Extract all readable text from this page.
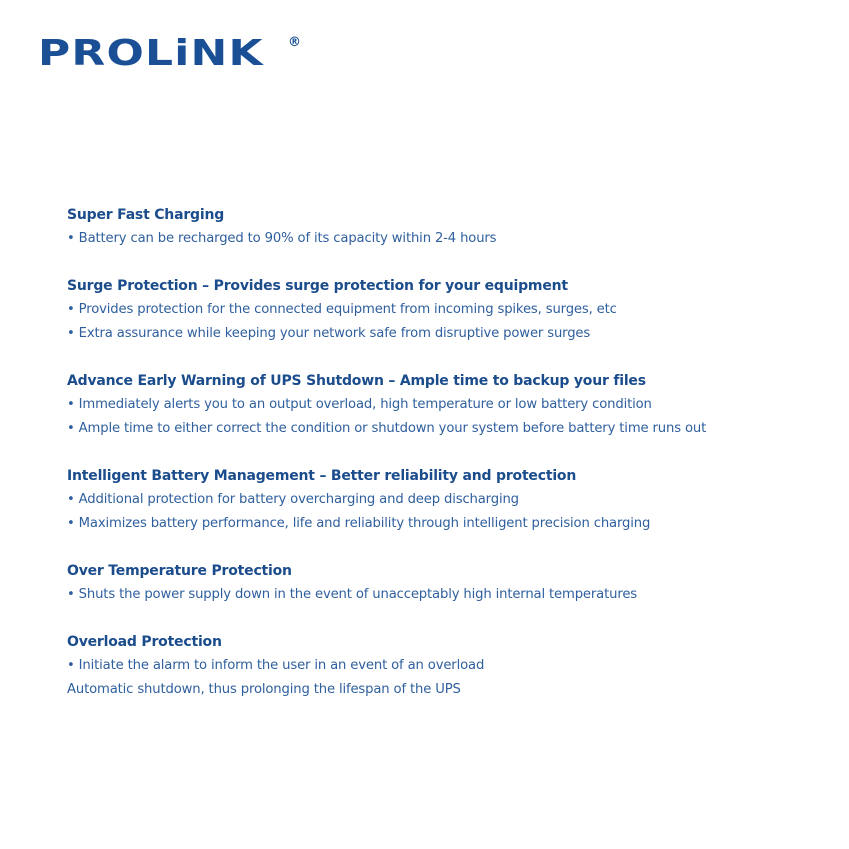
PROLiNK ®
Super Fast Charging
• Battery can be recharged to 90% of its capacity within 2-4 hours
Surge Protection – Provides surge protection for your equipment
• Provides protection for the connected equipment from incoming spikes, surges, etc
• Extra assurance while keeping your network safe from disruptive power surges
Advance Early Warning of UPS Shutdown – Ample time to backup your files
• Immediately alerts you to an output overload, high temperature or low battery condition
• Ample time to either correct the condition or shutdown your system before battery time runs out
Intelligent Battery Management – Better reliability and protection
• Additional protection for battery overcharging and deep discharging
• Maximizes battery performance, life and reliability through intelligent precision charging
Over Temperature Protection
• Shuts the power supply down in the event of unacceptably high internal temperatures
Overload Protection
• Initiate the alarm to inform the user in an event of an overload
Automatic shutdown, thus prolonging the lifespan of the UPS
